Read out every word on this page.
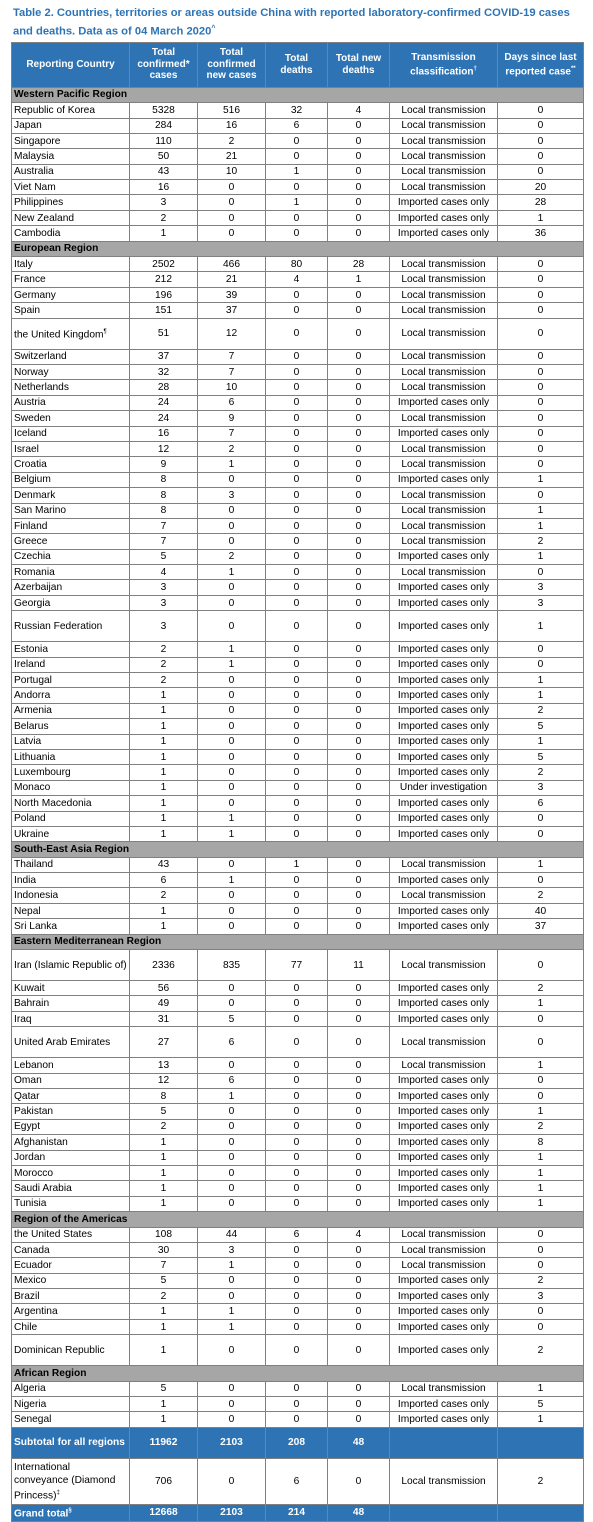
Table 2. Countries, territories or areas outside China with reported laboratory-confirmed COVID-19 cases and deaths. Data as of 04 March 2020^
Reporting Country	Total confirmed* cases	Total confirmed new cases	Total deaths	Total new deaths	Transmission classification†	Days since last reported case**
Western Pacific Region						
Republic of Korea	5328	516	32	4	Local transmission	0
Japan	284	16	6	0	Local transmission	0
Singapore	110	2	0	0	Local transmission	0
Malaysia	50	21	0	0	Local transmission	0
Australia	43	10	1	0	Local transmission	0
Viet Nam	16	0	0	0	Local transmission	20
Philippines	3	0	1	0	Imported cases only	28
New Zealand	2	0	0	0	Imported cases only	1
Cambodia	1	0	0	0	Imported cases only	36
European Region						
Italy	2502	466	80	28	Local transmission	0
France	212	21	4	1	Local transmission	0
Germany	196	39	0	0	Local transmission	0
Spain	151	37	0	0	Local transmission	0
the United Kingdom¶	51	12	0	0	Local transmission	0
Switzerland	37	7	0	0	Local transmission	0
Norway	32	7	0	0	Local transmission	0
Netherlands	28	10	0	0	Local transmission	0
Austria	24	6	0	0	Imported cases only	0
Sweden	24	9	0	0	Local transmission	0
Iceland	16	7	0	0	Imported cases only	0
Israel	12	2	0	0	Local transmission	0
Croatia	9	1	0	0	Local transmission	0
Belgium	8	0	0	0	Imported cases only	1
Denmark	8	3	0	0	Local transmission	0
San Marino	8	0	0	0	Local transmission	1
Finland	7	0	0	0	Local transmission	1
Greece	7	0	0	0	Local transmission	2
Czechia	5	2	0	0	Imported cases only	1
Romania	4	1	0	0	Local transmission	0
Azerbaijan	3	0	0	0	Imported cases only	3
Georgia	3	0	0	0	Imported cases only	3
Russian Federation	3	0	0	0	Imported cases only	1
Estonia	2	1	0	0	Imported cases only	0
Ireland	2	1	0	0	Imported cases only	0
Portugal	2	0	0	0	Imported cases only	1
Andorra	1	0	0	0	Imported cases only	1
Armenia	1	0	0	0	Imported cases only	2
Belarus	1	0	0	0	Imported cases only	5
Latvia	1	0	0	0	Imported cases only	1
Lithuania	1	0	0	0	Imported cases only	5
Luxembourg	1	0	0	0	Imported cases only	2
Monaco	1	0	0	0	Under investigation	3
North Macedonia	1	0	0	0	Imported cases only	6
Poland	1	1	0	0	Imported cases only	0
Ukraine	1	1	0	0	Imported cases only	0
South-East Asia Region						
Thailand	43	0	1	0	Local transmission	1
India	6	1	0	0	Imported cases only	0
Indonesia	2	0	0	0	Local transmission	2
Nepal	1	0	0	0	Imported cases only	40
Sri Lanka	1	0	0	0	Imported cases only	37
Eastern Mediterranean Region						
Iran (Islamic Republic of)	2336	835	77	11	Local transmission	0
Kuwait	56	0	0	0	Imported cases only	2
Bahrain	49	0	0	0	Imported cases only	1
Iraq	31	5	0	0	Imported cases only	0
United Arab Emirates	27	6	0	0	Local transmission	0
Lebanon	13	0	0	0	Local transmission	1
Oman	12	6	0	0	Imported cases only	0
Qatar	8	1	0	0	Imported cases only	0
Pakistan	5	0	0	0	Imported cases only	1
Egypt	2	0	0	0	Imported cases only	2
Afghanistan	1	0	0	0	Imported cases only	8
Jordan	1	0	0	0	Imported cases only	1
Morocco	1	0	0	0	Imported cases only	1
Saudi Arabia	1	0	0	0	Imported cases only	1
Tunisia	1	0	0	0	Imported cases only	1
Region of the Americas						
the United States	108	44	6	4	Local transmission	0
Canada	30	3	0	0	Local transmission	0
Ecuador	7	1	0	0	Local transmission	0
Mexico	5	0	0	0	Imported cases only	2
Brazil	2	0	0	0	Imported cases only	3
Argentina	1	1	0	0	Imported cases only	0
Chile	1	1	0	0	Imported cases only	0
Dominican Republic	1	0	0	0	Imported cases only	2
African Region						
Algeria	5	0	0	0	Local transmission	1
Nigeria	1	0	0	0	Imported cases only	5
Senegal	1	0	0	0	Imported cases only	1
Subtotal for all regions	11962	2103	208	48		
International conveyance (Diamond Princess)‡	706	0	6	0	Local transmission	2
Grand total§	12668	2103	214	48		
